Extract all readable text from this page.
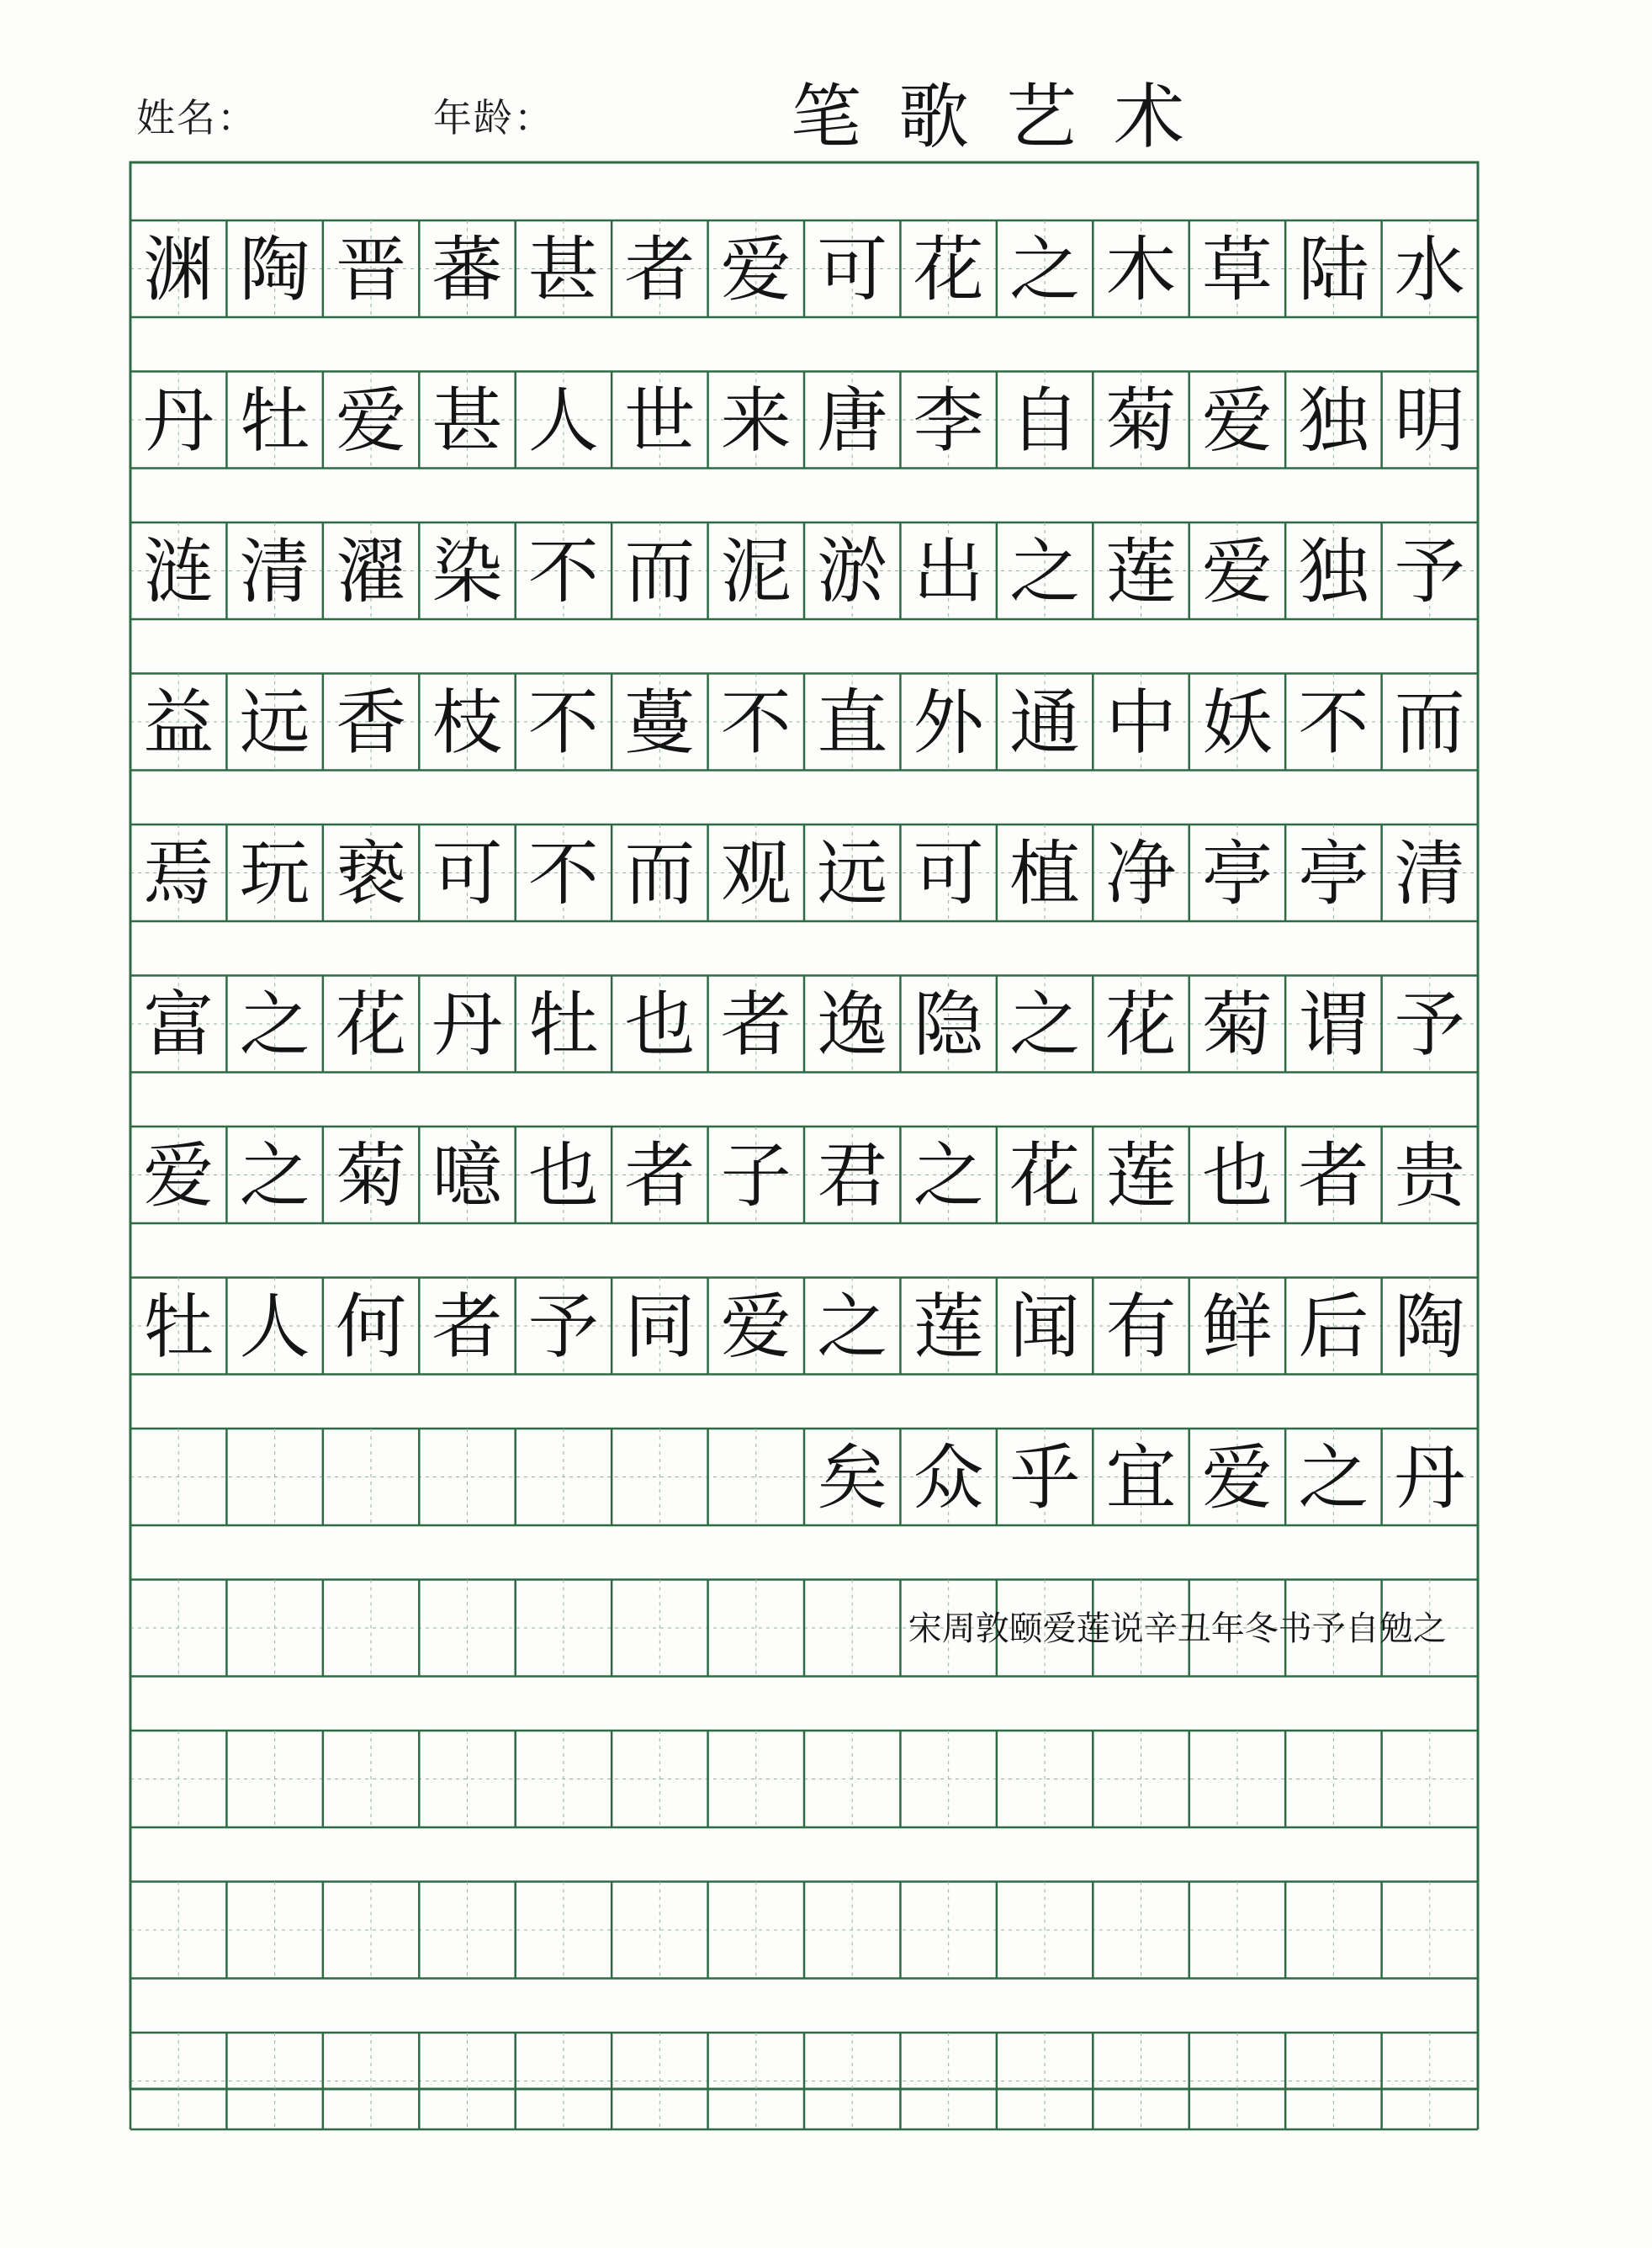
姓名：	年龄：	笔歌艺术
水
陆
草
木
之
花
可
爱
者
甚
蕃
晋
陶
渊
明
独
爱
菊
自
李
唐
来
世
人
甚
爱
牡
丹
予
独
爱
莲
之
出
淤
泥
而
不
染
濯
清
涟
而
不
妖
中
通
外
直
不
蔓
不
枝
香
远
益
清
亭
亭
净
植
可
远
观
而
不
可
亵
玩
焉
予
谓
菊
花
之
隐
逸
者
也
牡
丹
花
之
富
贵
者
也
莲
花
之
君
子
者
也
噫
菊
之
爱
陶
后
鲜
有
闻
莲
之
爱
同
予
者
何
人
牡
丹
之
爱
宜
乎
众
矣
宋周敦颐爱莲说辛丑年冬书予自勉之
